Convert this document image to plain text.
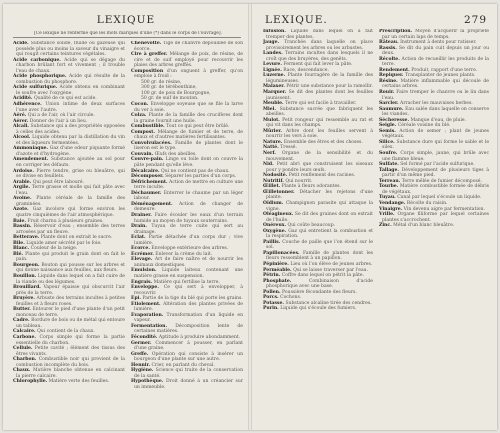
LEXIQUE
[Ce lexique ne renferme que les mots marqués d'une (*) dans le corps de l'ouvrage].

Acide. Substance solide, fluide ou gazeuse qui possède plus ou moins la saveur du vinaigre et qui rougit certains teintures végétales.

Acide carbonique. Acide qui se dégage du charbon brûlant fort et vivement ; il trouble l'eau de chaux.

Acide phosphorique. Acide qui résulte de la combustion du phosphore.

Acide sulfurique. Acide obtenu en combinant le soufre avec l'oxygène.

Acidité. Qualité de ce qui est acide.

Adhérence. Union intime de deux surfaces l'une avec l'autre.

Aéré. Qui a de l'air, où l'air circule.

Aérer. Donner de l'air à un lieu.

Alcali. Substance qui a des propriétés opposées à celles des acides.

Alcool. Liquide obtenu par la distillation du vin et des liqueurs fermentées.

Ammoniaque. Gaz d'une odeur piquante formé d'azote et d'hydrogène.

Amendement. Substance ajoutée au sol pour en corriger les défauts.

Ardoise. Pierre tendre, grise ou bleuâtre, qui se divise en feuillets.

Arable. Qui peut être labouré.

Argile. Terre grasse et molle qui fait pâte avec l'eau.

Avoine. Plante céréale de la famille des graminées.

Azote. Gaz incolore qui forme environ les quatre cinquièmes de l'air atmosphérique.

Baie. Fruit charnu à plusieurs graines.

Bassin. Réservoir d'eau ; ensemble des terres arrosées par un fleuve.

Betterave. Plante dont on extrait le sucre.

Bile. Liquide amer sécrété par le foie.

Blanc. Couleur de la neige.

Blé. Plante qui produit le grain dont on fait le pain.

Bourgeon. Bouton qui pousse sur les arbres et qui donne naissance aux feuilles, aux fleurs.

Bouillon. Liquide dans lequel on a fait cuire de la viande ou des légumes.

Brouillard. Vapeur épaisse qui obscurcit l'air près de la terre.

Bruyère. Arbuste des terrains incultes à petites feuilles et à fleurs roses.

Butter. Entourer le pied d'une plante d'un petit monceau de terre.

Cadre. Bordure de bois ou de métal qui entoure un tableau.

Calcaire. Qui contient de la chaux.

Carbone. Corps simple qui forme la partie essentielle du charbon.

Cellule. Petite cavité ; élément des tissus des êtres vivants.

Charbon. Combustible noir qui provient de la combustion incomplète du bois.

Chaux. Matière blanche obtenue en calcinant la pierre calcaire.

Chlorophylle. Matière verte des feuilles.

Chènevotte. Tige de chanvre dépouillée de son écorce.

Cire à greffer. Mélange de poix, de résine, de cire et de suif employé pour recouvrir les plaies des arbres greffés.

Composition d'un onguent à greffer, qu'on emploie à froid :

500 gr. de résine,
300 gr. de térébenthine,
100 gr. de poix de Bourgogne,
50 gr. de suif de mouton.

Cocon. Enveloppe soyeuse que se file la larve du ver à soie.

Colza. Plante de la famille des crucifères dont la graine fournit une huile.

Combustible. Tout ce qui peut être brûlé.

Compost. Mélange de fumier et de terre, de chaux et d'autres matières fertilisantes.

Convolvulacées. Famille de plantes dont le liseron est le type.

Couvain. Œufs des abeilles.

Couvre-pain. Linge ou toile dont on couvre la pâte pendant qu'elle lève.

Décalcaire. Qui ne contient pas de chaux.

Décomposer. Séparer les parties d'un corps.

Défrichement. Action de mettre en culture une terre inculte.

Déchaumer. Enterrer le chaume par un léger labour.

Déménagement. Action de changer de demeure.

Drainer. Faire écouler les eaux d'un terrain humide au moyen de tuyaux souterrains.

Drain. Tuyau de terre cuite qui sert au drainage.

Eclat. Partie détachée d'un corps dur ; vive lumière.

Ecorce. Enveloppe extérieure des arbres.

Ecrémer. Enlever la crème du lait.

Elevage. Art de faire naître et de nourrir les animaux domestiques.

Emulsion. Liquide laiteux contenant une matière grasse en suspension.

Engrais. Matière qui fertilise la terre.

Enveloppe. Ce qui sert à envelopper, à recouvrir.

Epi. Partie de la tige du blé qui porte les grains.

Etiolement. Altération des plantes privées de lumière.

Evaporation. Transformation d'un liquide en vapeur.

Fermentation. Décomposition lente de certaines matières.

Fécondité. Aptitude à produire abondamment.

Germer. Commencer à pousser, en parlant d'une graine.

Greffe. Opération qui consiste à insérer un bourgeon d'une plante sur une autre.

Hennir. Crier, en parlant du cheval.

Hygiène. Science qui traite de la conservation de la santé.

Hypothèque. Droit donné à un créancier sur un immeuble.

LEXIQUE.	279

Infusion. Liquide dans lequel on a fait tremper des plantes.

Jauge. Tranchée dans laquelle on place provisoirement les arbres ou les arbustes.

Landes. Terrains incultes dans lesquels il ne croît que des bruyères, des genêts.

Levure. Ferment qui fait lever la pâte.

Lignée. Race, descendance.

Luzerne. Plante fourragère de la famille des légumineuses.

Malaxer. Pétrir une substance pour la ramollir.

Marquer. Se dit des plantes dont les feuilles jaunissent.

Meuble. Terre qui est facile à travailler.

Miel. Substance sucrée que fabriquent les abeilles.

Mulot. Petit rongeur qui ressemble au rat et qui vit dans les champs.

Mûrier. Arbre dont les feuilles servent à nourrir les vers à soie.

Nature. Ensemble des êtres et des choses.

Natté. Tressé.

Nerf. Organe de la sensibilité et du mouvement.

Nid. Petit abri que construisent les oiseaux pour y pondre leurs œufs.

Nodosité. Petit renflement des racines.

Nutritif. Qui nourrit.

Œillet. Plante à fleurs odorantes.

Œilletonner. Détacher les rejetons d'une plante.

Oïdium. Champignon parasite qui attaque la vigne.

Oléagineux. Se dit des graines dont on extrait de l'huile.

Onéreux. Qui coûte beaucoup.

Oxygène. Gaz qui entretient la combustion et la respiration.

Paillis. Couche de paille que l'on étend sur le sol.

Papilionacées. Famille de plantes dont les fleurs ressemblent à un papillon.

Pépinière. Lieu où l'on élève de jeunes arbres.

Perméable. Qui se laisse traverser par l'eau.

Pétrin. Coffre dans lequel on pétrit la pâte.

Phosphate.	Combinaison d'acide phosphorique avec une base.

Pollen. Poussière fécondante des fleurs.

Porcs. Cochons.

Potasse. Substance alcaline tirée des cendres.

Purin. Liquide qui s'écoule des fumiers.

Prescription. Moyen d'acquérir la propriété par un certain laps de temps.

Râteau. Instrument à dents pour ratisser.

Rassis. Se dit du pain cuit depuis un jour ou deux.

Récolte. Action de recueillir les produits de la terre.

Rendement. Produit, rapport d'une terre.

Repiquer. Transplanter de jeunes plants.

Résine. Matière inflammable qui découle de certains arbres.

Rouir. Faire tremper le chanvre ou le lin dans l'eau.

Sarcler. Arracher les mauvaises herbes.

Saumure. Eau salée dans laquelle on conserve les viandes.

Sécheresse. Manque d'eau, de pluie.

Seigle. Céréale voisine du blé.

Semis. Action de semer ; plant de jeunes végétaux.

Silice. Substance dure qui forme le sable et le silex.

Soufre. Corps simple, jaune, qui brûle avec une flamme bleue.

Sulfate. Sel formé par l'acide sulfurique.

Tallage. Développement de plusieurs tiges à partir d'un même pied.

Terreau. Terre mêlée de fumier décomposé.

Tourbe. Matière combustible formée de débris de végétaux.

Tuyau. Canal par lequel s'écoule un liquide.

Vendange. Récolte du raisin.

Vinaigre. Vin devenu aigre par fermentation.

Vrille. Organe filiforme par lequel certaines plantes s'accrochent.

Zinc. Métal d'un blanc bleuâtre.
